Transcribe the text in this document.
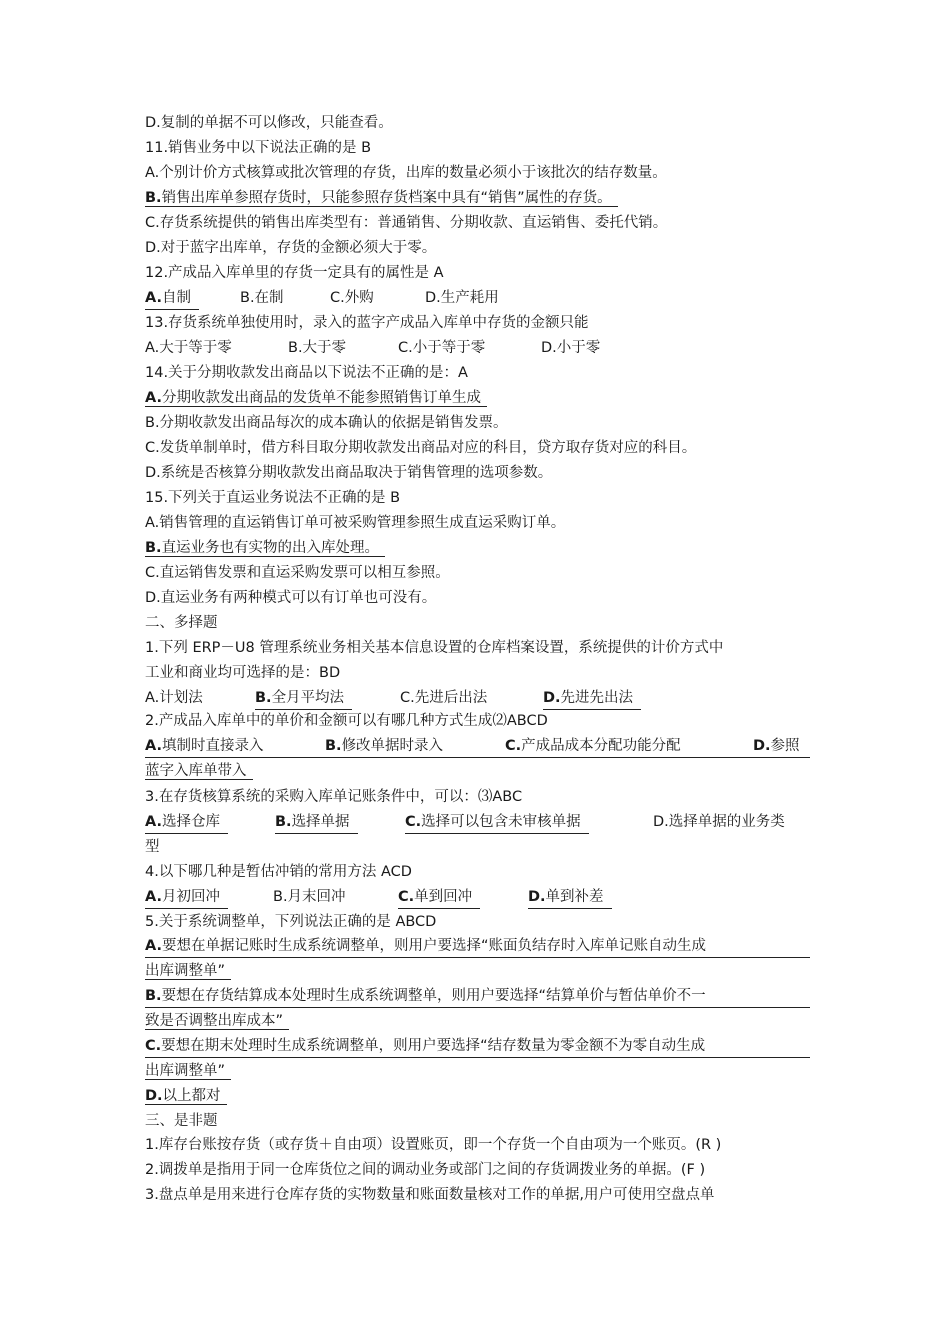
D.复制的单据不可以修改，只能查看。
11.销售业务中以下说法正确的是 B
A.个别计价方式核算或批次管理的存货，出库的数量必须小于该批次的结存数量。
B.销售出库单参照存货时，只能参照存货档案中具有“销售”属性的存货。
C.存货系统提供的销售出库类型有：普通销售、分期收款、直运销售、委托代销。
D.对于蓝字出库单，存货的金额必须大于零。
12.产成品入库单里的存货一定具有的属性是 A
A.自制	B.在制	C.外购	D.生产耗用
13.存货系统单独使用时，录入的蓝字产成品入库单中存货的金额只能
A.大于等于零	B.大于零	C.小于等于零	D.小于零
14.关于分期收款发出商品以下说法不正确的是：A
A.分期收款发出商品的发货单不能参照销售订单生成
B.分期收款发出商品每次的成本确认的依据是销售发票。
C.发货单制单时，借方科目取分期收款发出商品对应的科目，贷方取存货对应的科目。
D.系统是否核算分期收款发出商品取决于销售管理的选项参数。
15.下列关于直运业务说法不正确的是 B
A.销售管理的直运销售订单可被采购管理参照生成直运采购订单。
B.直运业务也有实物的出入库处理。
C.直运销售发票和直运采购发票可以相互参照。
D.直运业务有两种模式可以有订单也可没有。
二、多择题
1.下列 ERP－U8 管理系统业务相关基本信息设置的仓库档案设置，系统提供的计价方式中
工业和商业均可选择的是：BD
A.计划法	B.全月平均法	C.先进后出法	D.先进先出法
2.产成品入库单中的单价和金额可以有哪几种方式生成⑵ABCD
A.填制时直接录入	B.修改单据时录入	C.产成品成本分配功能分配	D.参照
蓝字入库单带入
3.在存货核算系统的采购入库单记账条件中，可以：⑶ABC
A.选择仓库	B.选择单据	C.选择可以包含未审核单据	D.选择单据的业务类
型
4.以下哪几种是暂估冲销的常用方法 ACD
A.月初回冲	B.月末回冲	C.单到回冲	D.单到补差
5.关于系统调整单，下列说法正确的是 ABCD
A.要想在单据记账时生成系统调整单，则用户要选择“账面负结存时入库单记账自动生成
出库调整单”
B.要想在存货结算成本处理时生成系统调整单，则用户要选择“结算单价与暂估单价不一
致是否调整出库成本”
C.要想在期末处理时生成系统调整单，则用户要选择“结存数量为零金额不为零自动生成
出库调整单”
D.以上都对
三、是非题
1.库存台账按存货（或存货＋自由项）设置账页，即一个存货一个自由项为一个账页。(R )
2.调拨单是指用于同一仓库货位之间的调动业务或部门之间的存货调拨业务的单据。(F )
3.盘点单是用来进行仓库存货的实物数量和账面数量核对工作的单据,用户可使用空盘点单
